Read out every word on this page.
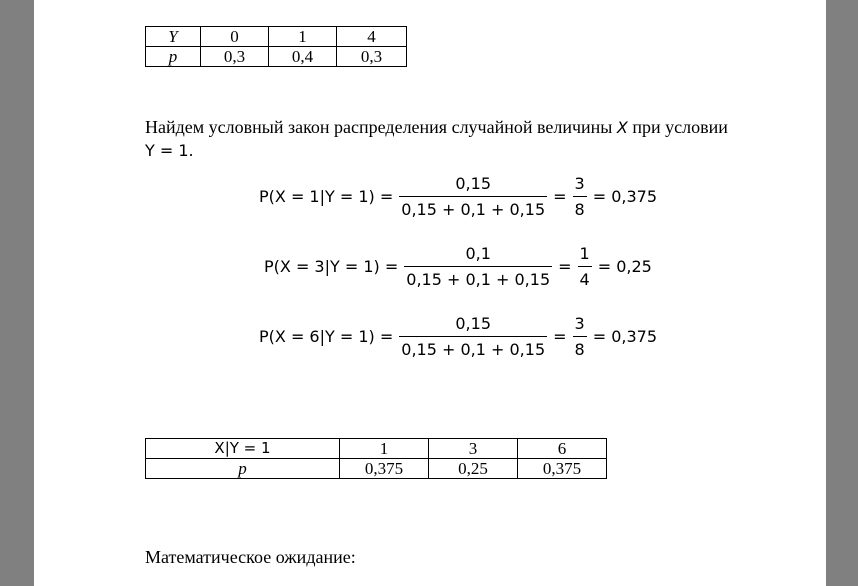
Y	0	1	4
p	0,3	0,4	0,3
Найдем условный закон распределения случайной величины X при условии
Y = 1.
$P(X = 1|Y = 1) = \frac{0,15}{0,15 + 0,1 + 0,15} = \frac{3}{8} = 0,375$
$P(X = 3|Y = 1) = \frac{0,1}{0,15 + 0,1 + 0,15} = \frac{1}{4} = 0,25$
$P(X = 6|Y = 1) = \frac{0,15}{0,15 + 0,1 + 0,15} = \frac{3}{8} = 0,375$
X|Y = 1	1	3	6
p	0,375	0,25	0,375
Математическое ожидание:
